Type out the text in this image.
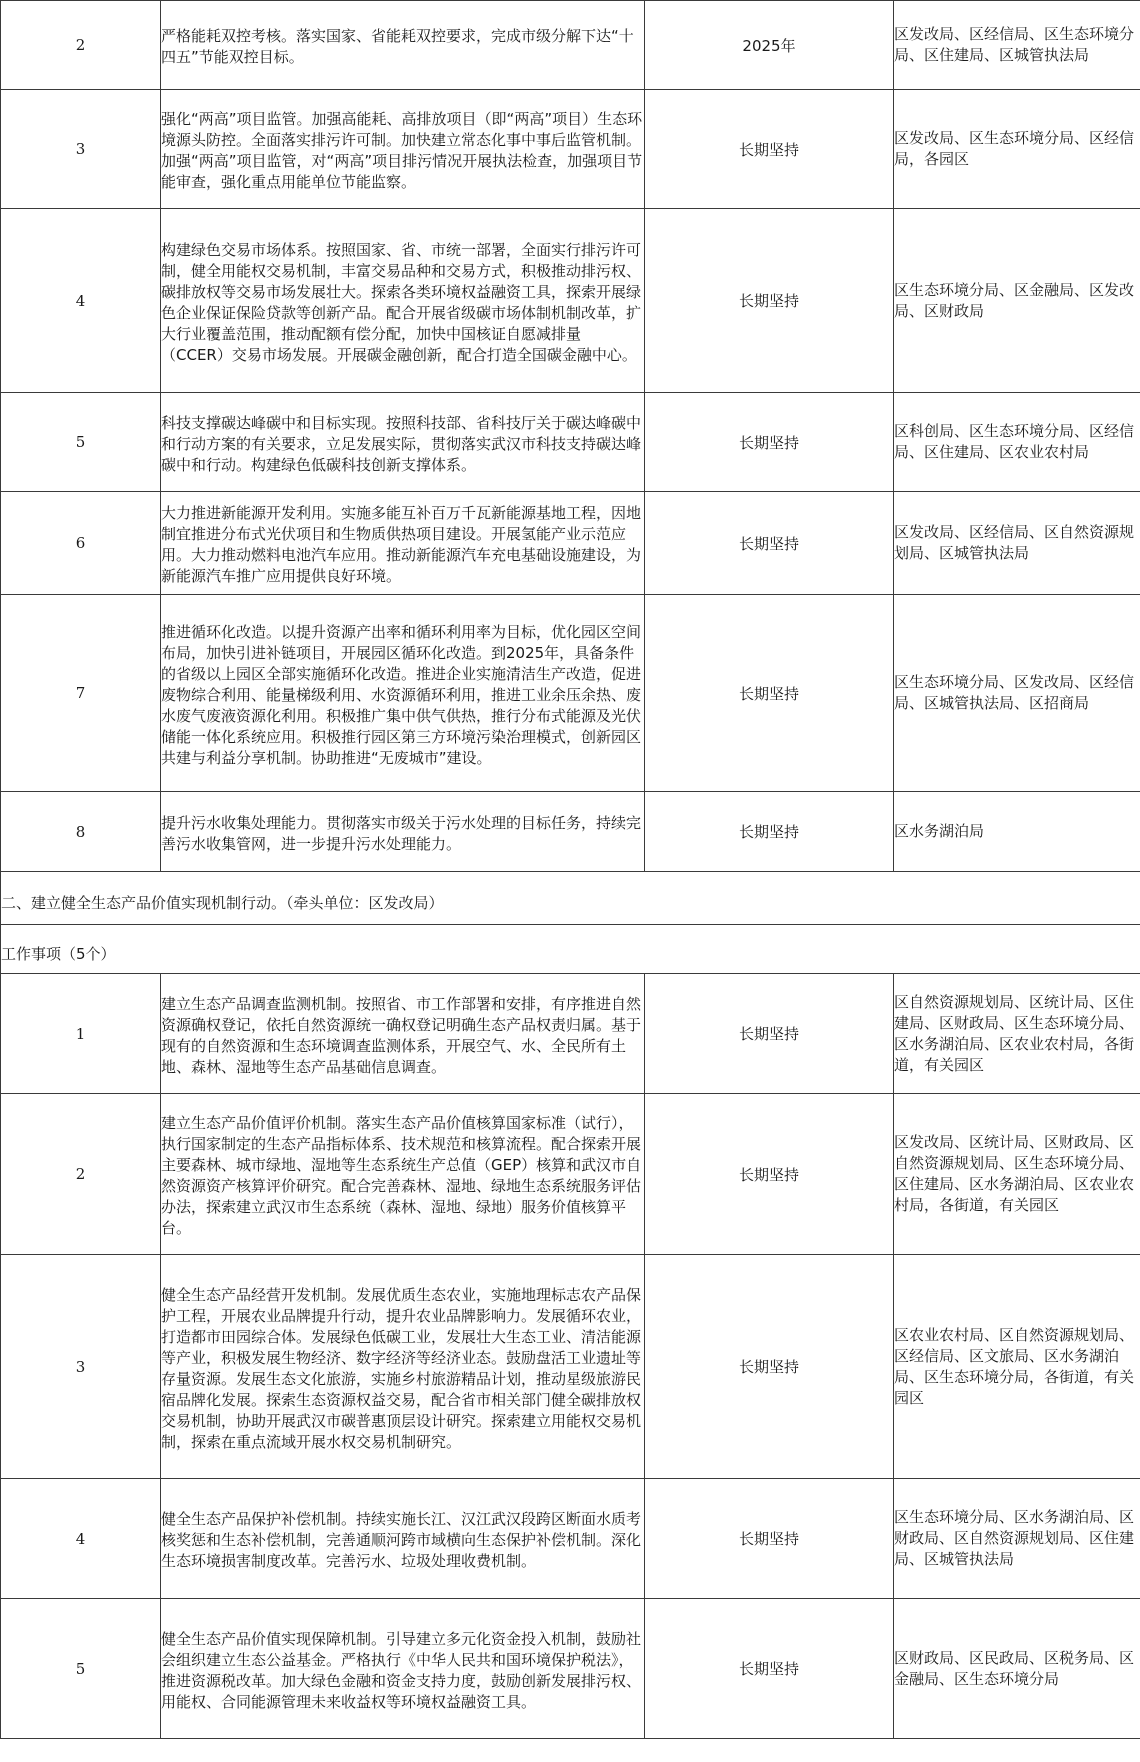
2	严格能耗双控考核。落实国家、省能耗双控要求，完成市级分解下达“十四五”节能双控目标。	2025年	区发改局、区经信局、区生态环境分局、区住建局、区城管执法局
3	强化“两高”项目监管。加强高能耗、高排放项目（即“两高”项目）生态环境源头防控。全面落实排污许可制。加快建立常态化事中事后监管机制。加强“两高”项目监管，对“两高”项目排污情况开展执法检查，加强项目节能审查，强化重点用能单位节能监察。	长期坚持	区发改局、区生态环境分局、区经信局，各园区
4	构建绿色交易市场体系。按照国家、省、市统一部署，全面实行排污许可制，健全用能权交易机制，丰富交易品种和交易方式，积极推动排污权、碳排放权等交易市场发展壮大。探索各类环境权益融资工具，探索开展绿色企业保证保险贷款等创新产品。配合开展省级碳市场体制机制改革，扩大行业覆盖范围，推动配额有偿分配，加快中国核证自愿减排量（CCER）交易市场发展。开展碳金融创新，配合打造全国碳金融中心。	长期坚持	区生态环境分局、区金融局、区发改局、区财政局
5	科技支撑碳达峰碳中和目标实现。按照科技部、省科技厅关于碳达峰碳中和行动方案的有关要求，立足发展实际，贯彻落实武汉市科技支持碳达峰碳中和行动。构建绿色低碳科技创新支撑体系。	长期坚持	区科创局、区生态环境分局、区经信局、区住建局、区农业农村局
6	大力推进新能源开发利用。实施多能互补百万千瓦新能源基地工程，因地制宜推进分布式光伏项目和生物质供热项目建设。开展氢能产业示范应用。大力推动燃料电池汽车应用。推动新能源汽车充电基础设施建设，为新能源汽车推广应用提供良好环境。	长期坚持	区发改局、区经信局、区自然资源规划局、区城管执法局
7	推进循环化改造。以提升资源产出率和循环利用率为目标，优化园区空间布局，加快引进补链项目，开展园区循环化改造。到2025年，具备条件的省级以上园区全部实施循环化改造。推进企业实施清洁生产改造，促进废物综合利用、能量梯级利用、水资源循环利用，推进工业余压余热、废水废气废液资源化利用。积极推广集中供气供热，推行分布式能源及光伏储能一体化系统应用。积极推行园区第三方环境污染治理模式，创新园区共建与利益分享机制。协助推进“无废城市”建设。	长期坚持	区生态环境分局、区发改局、区经信局、区城管执法局、区招商局
8	提升污水收集处理能力。贯彻落实市级关于污水处理的目标任务，持续完善污水收集管网，进一步提升污水处理能力。	长期坚持	区水务湖泊局

二、建立健全生态产品价值实现机制行动。（牵头单位：区发改局）			

工作事项（5个）			

1	建立生态产品调查监测机制。按照省、市工作部署和安排，有序推进自然资源确权登记，依托自然资源统一确权登记明确生态产品权责归属。基于现有的自然资源和生态环境调查监测体系，开展空气、水、全民所有土地、森林、湿地等生态产品基础信息调查。	长期坚持	区自然资源规划局、区统计局、区住建局、区财政局、区生态环境分局、区水务湖泊局、区农业农村局，各街道，有关园区
2	建立生态产品价值评价机制。落实生态产品价值核算国家标准（试行），执行国家制定的生态产品指标体系、技术规范和核算流程。配合探索开展主要森林、城市绿地、湿地等生态系统生产总值（GEP）核算和武汉市自然资源资产核算评价研究。配合完善森林、湿地、绿地生态系统服务评估办法，探索建立武汉市生态系统（森林、湿地、绿地）服务价值核算平台。	长期坚持	区发改局、区统计局、区财政局、区自然资源规划局、区生态环境分局、区住建局、区水务湖泊局、区农业农村局，各街道，有关园区
3	健全生态产品经营开发机制。发展优质生态农业，实施地理标志农产品保护工程，开展农业品牌提升行动，提升农业品牌影响力。发展循环农业，打造都市田园综合体。发展绿色低碳工业，发展壮大生态工业、清洁能源等产业，积极发展生物经济、数字经济等经济业态。鼓励盘活工业遗址等存量资源。发展生态文化旅游，实施乡村旅游精品计划，推动星级旅游民宿品牌化发展。探索生态资源权益交易，配合省市相关部门健全碳排放权交易机制，协助开展武汉市碳普惠顶层设计研究。探索建立用能权交易机制，探索在重点流域开展水权交易机制研究。	长期坚持	区农业农村局、区自然资源规划局、区经信局、区文旅局、区水务湖泊局、区生态环境分局，各街道，有关园区
4	健全生态产品保护补偿机制。持续实施长江、汉江武汉段跨区断面水质考核奖惩和生态补偿机制，完善通顺河跨市域横向生态保护补偿机制。深化生态环境损害制度改革。完善污水、垃圾处理收费机制。	长期坚持	区生态环境分局、区水务湖泊局、区财政局、区自然资源规划局、区住建局、区城管执法局
5	健全生态产品价值实现保障机制。引导建立多元化资金投入机制，鼓励社会组织建立生态公益基金。严格执行《中华人民共和国环境保护税法》，推进资源税改革。加大绿色金融和资金支持力度，鼓励创新发展排污权、用能权、合同能源管理未来收益权等环境权益融资工具。	长期坚持	区财政局、区民政局、区税务局、区金融局、区生态环境分局
